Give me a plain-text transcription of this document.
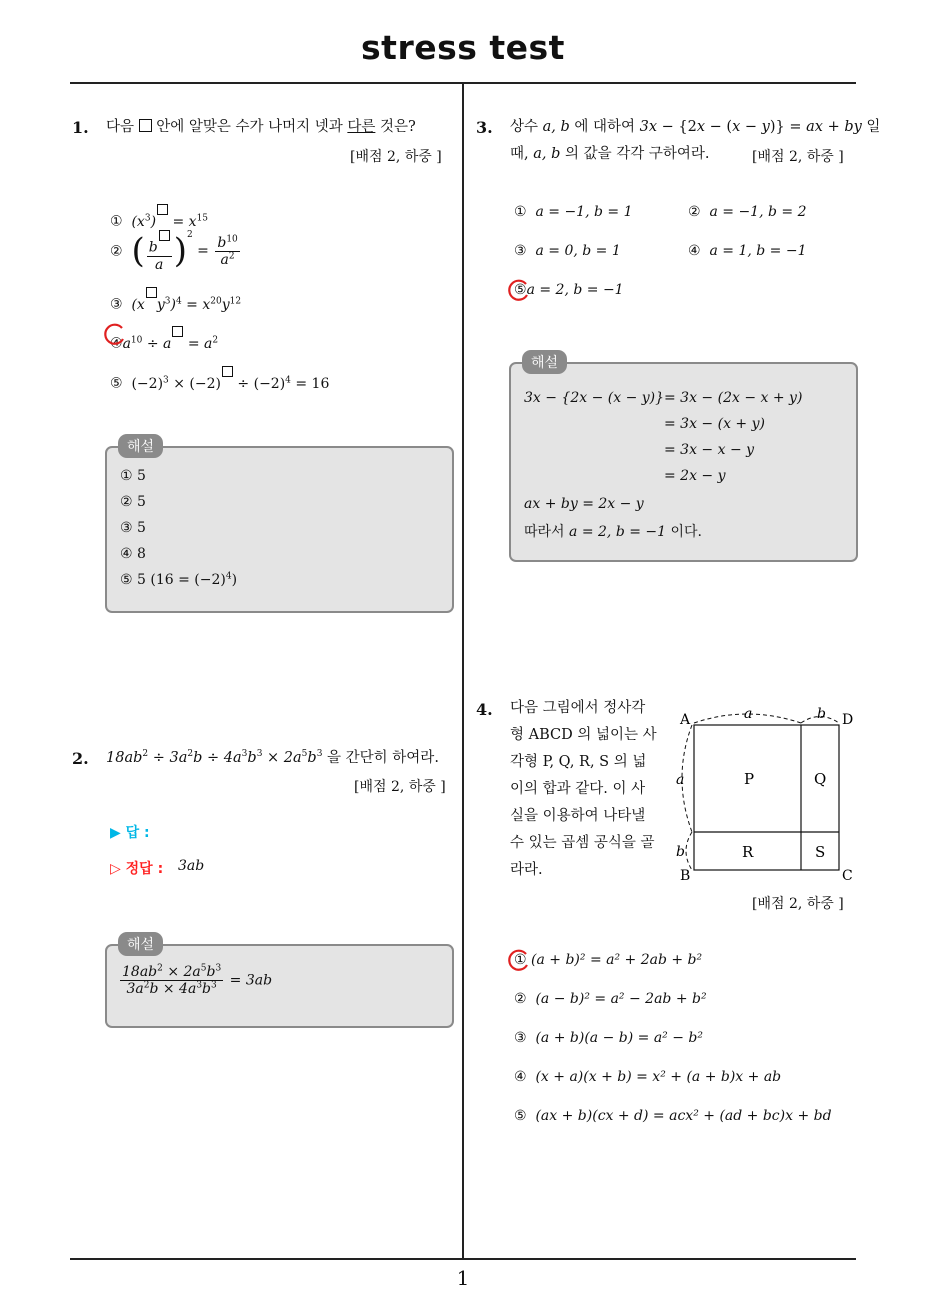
stress test
1
1. 다음 안에 알맞은 수가 나머지 넷과 다른 것은?
[배점 2, 하중 ]
① $(x^3) = x^{15}$
② ( $\frac{b}{a} )^2 = \frac{b^{10}}{a^2}$
③ (x $y^3)^4 = x^{20}y^{12}$
$④a^{10} \div a = a^2$
⑤ $(-2)^3 \times (-2) \div (-2)^4 = 16$
해설
① 5
② 5
③ 5
④ 8
⑤ 5 $(16 = (-2)^4)$
2. $18ab^2 \div 3a^2b \div 4a^3b^3 \times 2a^5b^3$ 을 간단히 하여라.
[배점 2, 하중 ]
▶ 답 :
▷ 정답 : 3ab
해설
$\frac{18ab^2 \times 2a^5b^3}{3a^2b \times 4a^3b^3} = 3ab$
3. 상수 a, b 에 대하여 3x − {2x − (x − y)} = ax + by 일
때, a, b 의 값을 각각 구하여라.	[배점 2, 하중 ]
① a = −1, b = 1	② a = −1, b = 2
③ a = 0, b = 1	④ a = 1, b = −1
⑤a = 2, b = −1
해설
3x − {2x − (x − y)} = 3x − (2x − x + y)
= 3x − (x + y)
= 3x − x − y
= 2x − y
ax + by = 2x − y
따라서 a = 2, b = −1 이다.
4. 다음 그림에서 정사각
형 ABCD 의 넓이는 사
각형 P, Q, R, S 의 넓
이의 합과 같다. 이 사
실을 이용하여 나타낼
수 있는 곱셈 공식을 골
라라.
A	D
B	C
a	b
a
b
P	Q
R	S
[배점 2, 하중 ]
① (a + b)² = a² + 2ab + b²
② (a − b)² = a² − 2ab + b²
③ (a + b)(a − b) = a² − b²
④ (x + a)(x + b) = x² + (a + b)x + ab
⑤ (ax + b)(cx + d) = acx² + (ad + bc)x + bd
